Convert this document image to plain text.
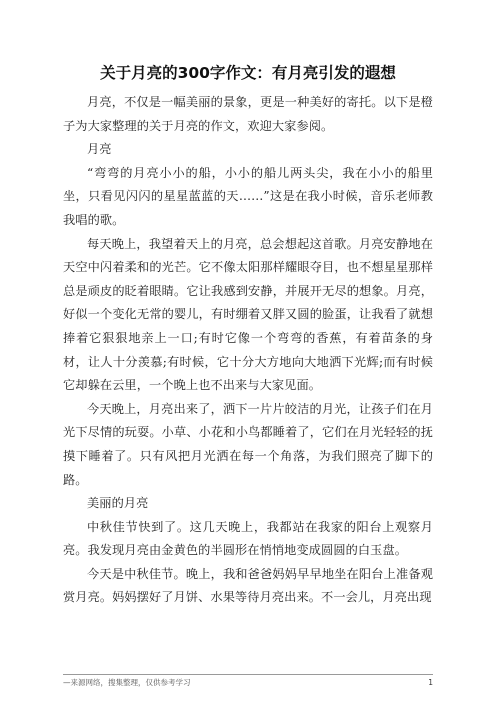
关于月亮的300字作文：有月亮引发的遐想

月亮，不仅是一幅美丽的景象，更是一种美好的寄托。以下是橙子为大家整理的关于月亮的作文，欢迎大家参阅。

月亮

“弯弯的月亮小小的船，小小的船儿两头尖，我在小小的船里坐，只看见闪闪的星星蓝蓝的天……”这是在我小时候，音乐老师教我唱的歌。

每天晚上，我望着天上的月亮，总会想起这首歌。月亮安静地在天空中闪着柔和的光芒。它不像太阳那样耀眼夺目，也不想星星那样总是顽皮的眨着眼睛。它让我感到安静，并展开无尽的想象。月亮，好似一个变化无常的婴儿，有时绷着又胖又圆的脸蛋，让我看了就想捧着它狠狠地亲上一口;有时它像一个弯弯的香蕉，有着苗条的身材，让人十分羡慕;有时候，它十分大方地向大地洒下光辉;而有时候它却躲在云里，一个晚上也不出来与大家见面。

今天晚上，月亮出来了，洒下一片片皎洁的月光，让孩子们在月光下尽情的玩耍。小草、小花和小鸟都睡着了，它们在月光轻轻的抚摸下睡着了。只有风把月光洒在每一个角落，为我们照亮了脚下的路。

美丽的月亮

中秋佳节快到了。这几天晚上，我都站在我家的阳台上观察月亮。我发现月亮由金黄色的半圆形在悄悄地变成圆圆的白玉盘。

今天是中秋佳节。晚上，我和爸爸妈妈早早地坐在阳台上准备观赏月亮。妈妈摆好了月饼、水果等待月亮出来。不一会儿，月亮出现

—来源网络，搜集整理，仅供参考学习	1
